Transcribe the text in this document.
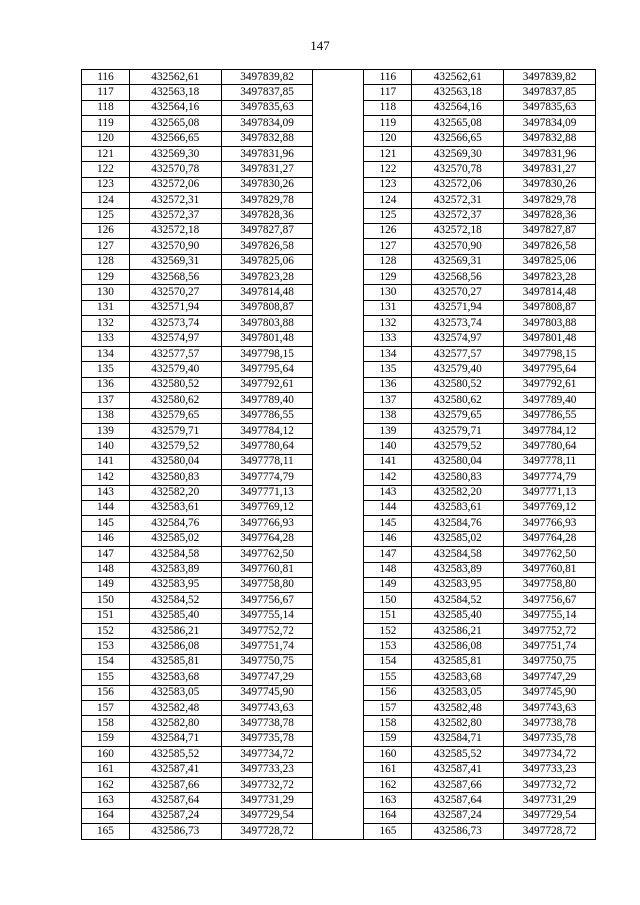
147
116	432562,61	3497839,82		116	432562,61	3497839,82
117	432563,18	3497837,85		117	432563,18	3497837,85
118	432564,16	3497835,63		118	432564,16	3497835,63
119	432565,08	3497834,09		119	432565,08	3497834,09
120	432566,65	3497832,88		120	432566,65	3497832,88
121	432569,30	3497831,96		121	432569,30	3497831,96
122	432570,78	3497831,27		122	432570,78	3497831,27
123	432572,06	3497830,26		123	432572,06	3497830,26
124	432572,31	3497829,78		124	432572,31	3497829,78
125	432572,37	3497828,36		125	432572,37	3497828,36
126	432572,18	3497827,87		126	432572,18	3497827,87
127	432570,90	3497826,58		127	432570,90	3497826,58
128	432569,31	3497825,06		128	432569,31	3497825,06
129	432568,56	3497823,28		129	432568,56	3497823,28
130	432570,27	3497814,48		130	432570,27	3497814,48
131	432571,94	3497808,87		131	432571,94	3497808,87
132	432573,74	3497803,88		132	432573,74	3497803,88
133	432574,97	3497801,48		133	432574,97	3497801,48
134	432577,57	3497798,15		134	432577,57	3497798,15
135	432579,40	3497795,64		135	432579,40	3497795,64
136	432580,52	3497792,61		136	432580,52	3497792,61
137	432580,62	3497789,40		137	432580,62	3497789,40
138	432579,65	3497786,55		138	432579,65	3497786,55
139	432579,71	3497784,12		139	432579,71	3497784,12
140	432579,52	3497780,64		140	432579,52	3497780,64
141	432580,04	3497778,11		141	432580,04	3497778,11
142	432580,83	3497774,79		142	432580,83	3497774,79
143	432582,20	3497771,13		143	432582,20	3497771,13
144	432583,61	3497769,12		144	432583,61	3497769,12
145	432584,76	3497766,93		145	432584,76	3497766,93
146	432585,02	3497764,28		146	432585,02	3497764,28
147	432584,58	3497762,50		147	432584,58	3497762,50
148	432583,89	3497760,81		148	432583,89	3497760,81
149	432583,95	3497758,80		149	432583,95	3497758,80
150	432584,52	3497756,67		150	432584,52	3497756,67
151	432585,40	3497755,14		151	432585,40	3497755,14
152	432586,21	3497752,72		152	432586,21	3497752,72
153	432586,08	3497751,74		153	432586,08	3497751,74
154	432585,81	3497750,75		154	432585,81	3497750,75
155	432583,68	3497747,29		155	432583,68	3497747,29
156	432583,05	3497745,90		156	432583,05	3497745,90
157	432582,48	3497743,63		157	432582,48	3497743,63
158	432582,80	3497738,78		158	432582,80	3497738,78
159	432584,71	3497735,78		159	432584,71	3497735,78
160	432585,52	3497734,72		160	432585,52	3497734,72
161	432587,41	3497733,23		161	432587,41	3497733,23
162	432587,66	3497732,72		162	432587,66	3497732,72
163	432587,64	3497731,29		163	432587,64	3497731,29
164	432587,24	3497729,54		164	432587,24	3497729,54
165	432586,73	3497728,72		165	432586,73	3497728,72
